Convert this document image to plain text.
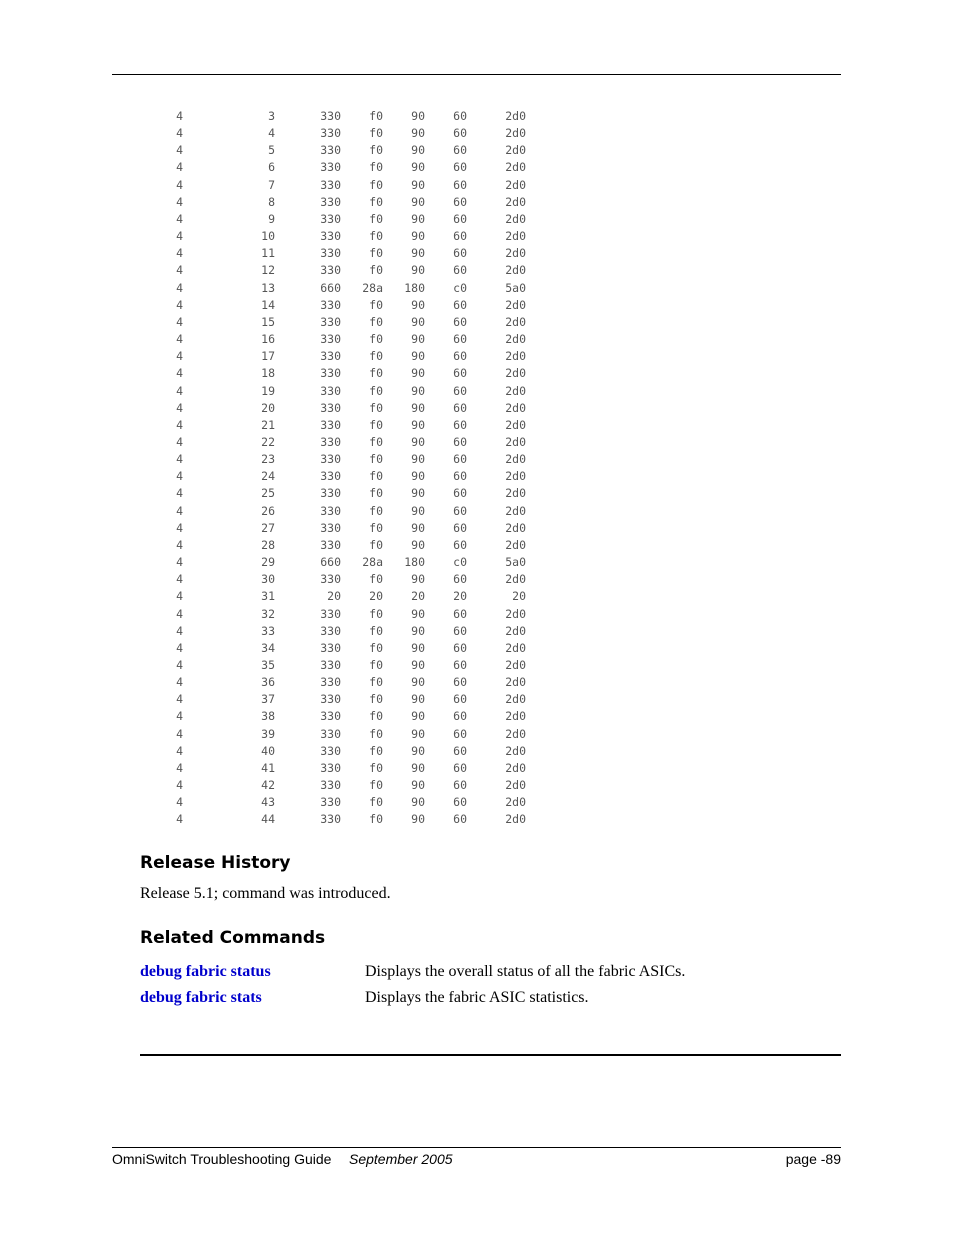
4	3	330	f0	90	60	2d0
4	4	330	f0	90	60	2d0
4	5	330	f0	90	60	2d0
4	6	330	f0	90	60	2d0
4	7	330	f0	90	60	2d0
4	8	330	f0	90	60	2d0
4	9	330	f0	90	60	2d0
4	10	330	f0	90	60	2d0
4	11	330	f0	90	60	2d0
4	12	330	f0	90	60	2d0
4	13	660	28a	180	c0	5a0
4	14	330	f0	90	60	2d0
4	15	330	f0	90	60	2d0
4	16	330	f0	90	60	2d0
4	17	330	f0	90	60	2d0
4	18	330	f0	90	60	2d0
4	19	330	f0	90	60	2d0
4	20	330	f0	90	60	2d0
4	21	330	f0	90	60	2d0
4	22	330	f0	90	60	2d0
4	23	330	f0	90	60	2d0
4	24	330	f0	90	60	2d0
4	25	330	f0	90	60	2d0
4	26	330	f0	90	60	2d0
4	27	330	f0	90	60	2d0
4	28	330	f0	90	60	2d0
4	29	660	28a	180	c0	5a0
4	30	330	f0	90	60	2d0
4	31	20	20	20	20	20
4	32	330	f0	90	60	2d0
4	33	330	f0	90	60	2d0
4	34	330	f0	90	60	2d0
4	35	330	f0	90	60	2d0
4	36	330	f0	90	60	2d0
4	37	330	f0	90	60	2d0
4	38	330	f0	90	60	2d0
4	39	330	f0	90	60	2d0
4	40	330	f0	90	60	2d0
4	41	330	f0	90	60	2d0
4	42	330	f0	90	60	2d0
4	43	330	f0	90	60	2d0
4	44	330	f0	90	60	2d0
Release History

Release 5.1; command was introduced.

Related Commands
debug fabric status	Displays the overall status of all the fabric ASICs.
debug fabric stats	Displays the fabric ASIC statistics.
OmniSwitch Troubleshooting Guide September 2005	page -89
